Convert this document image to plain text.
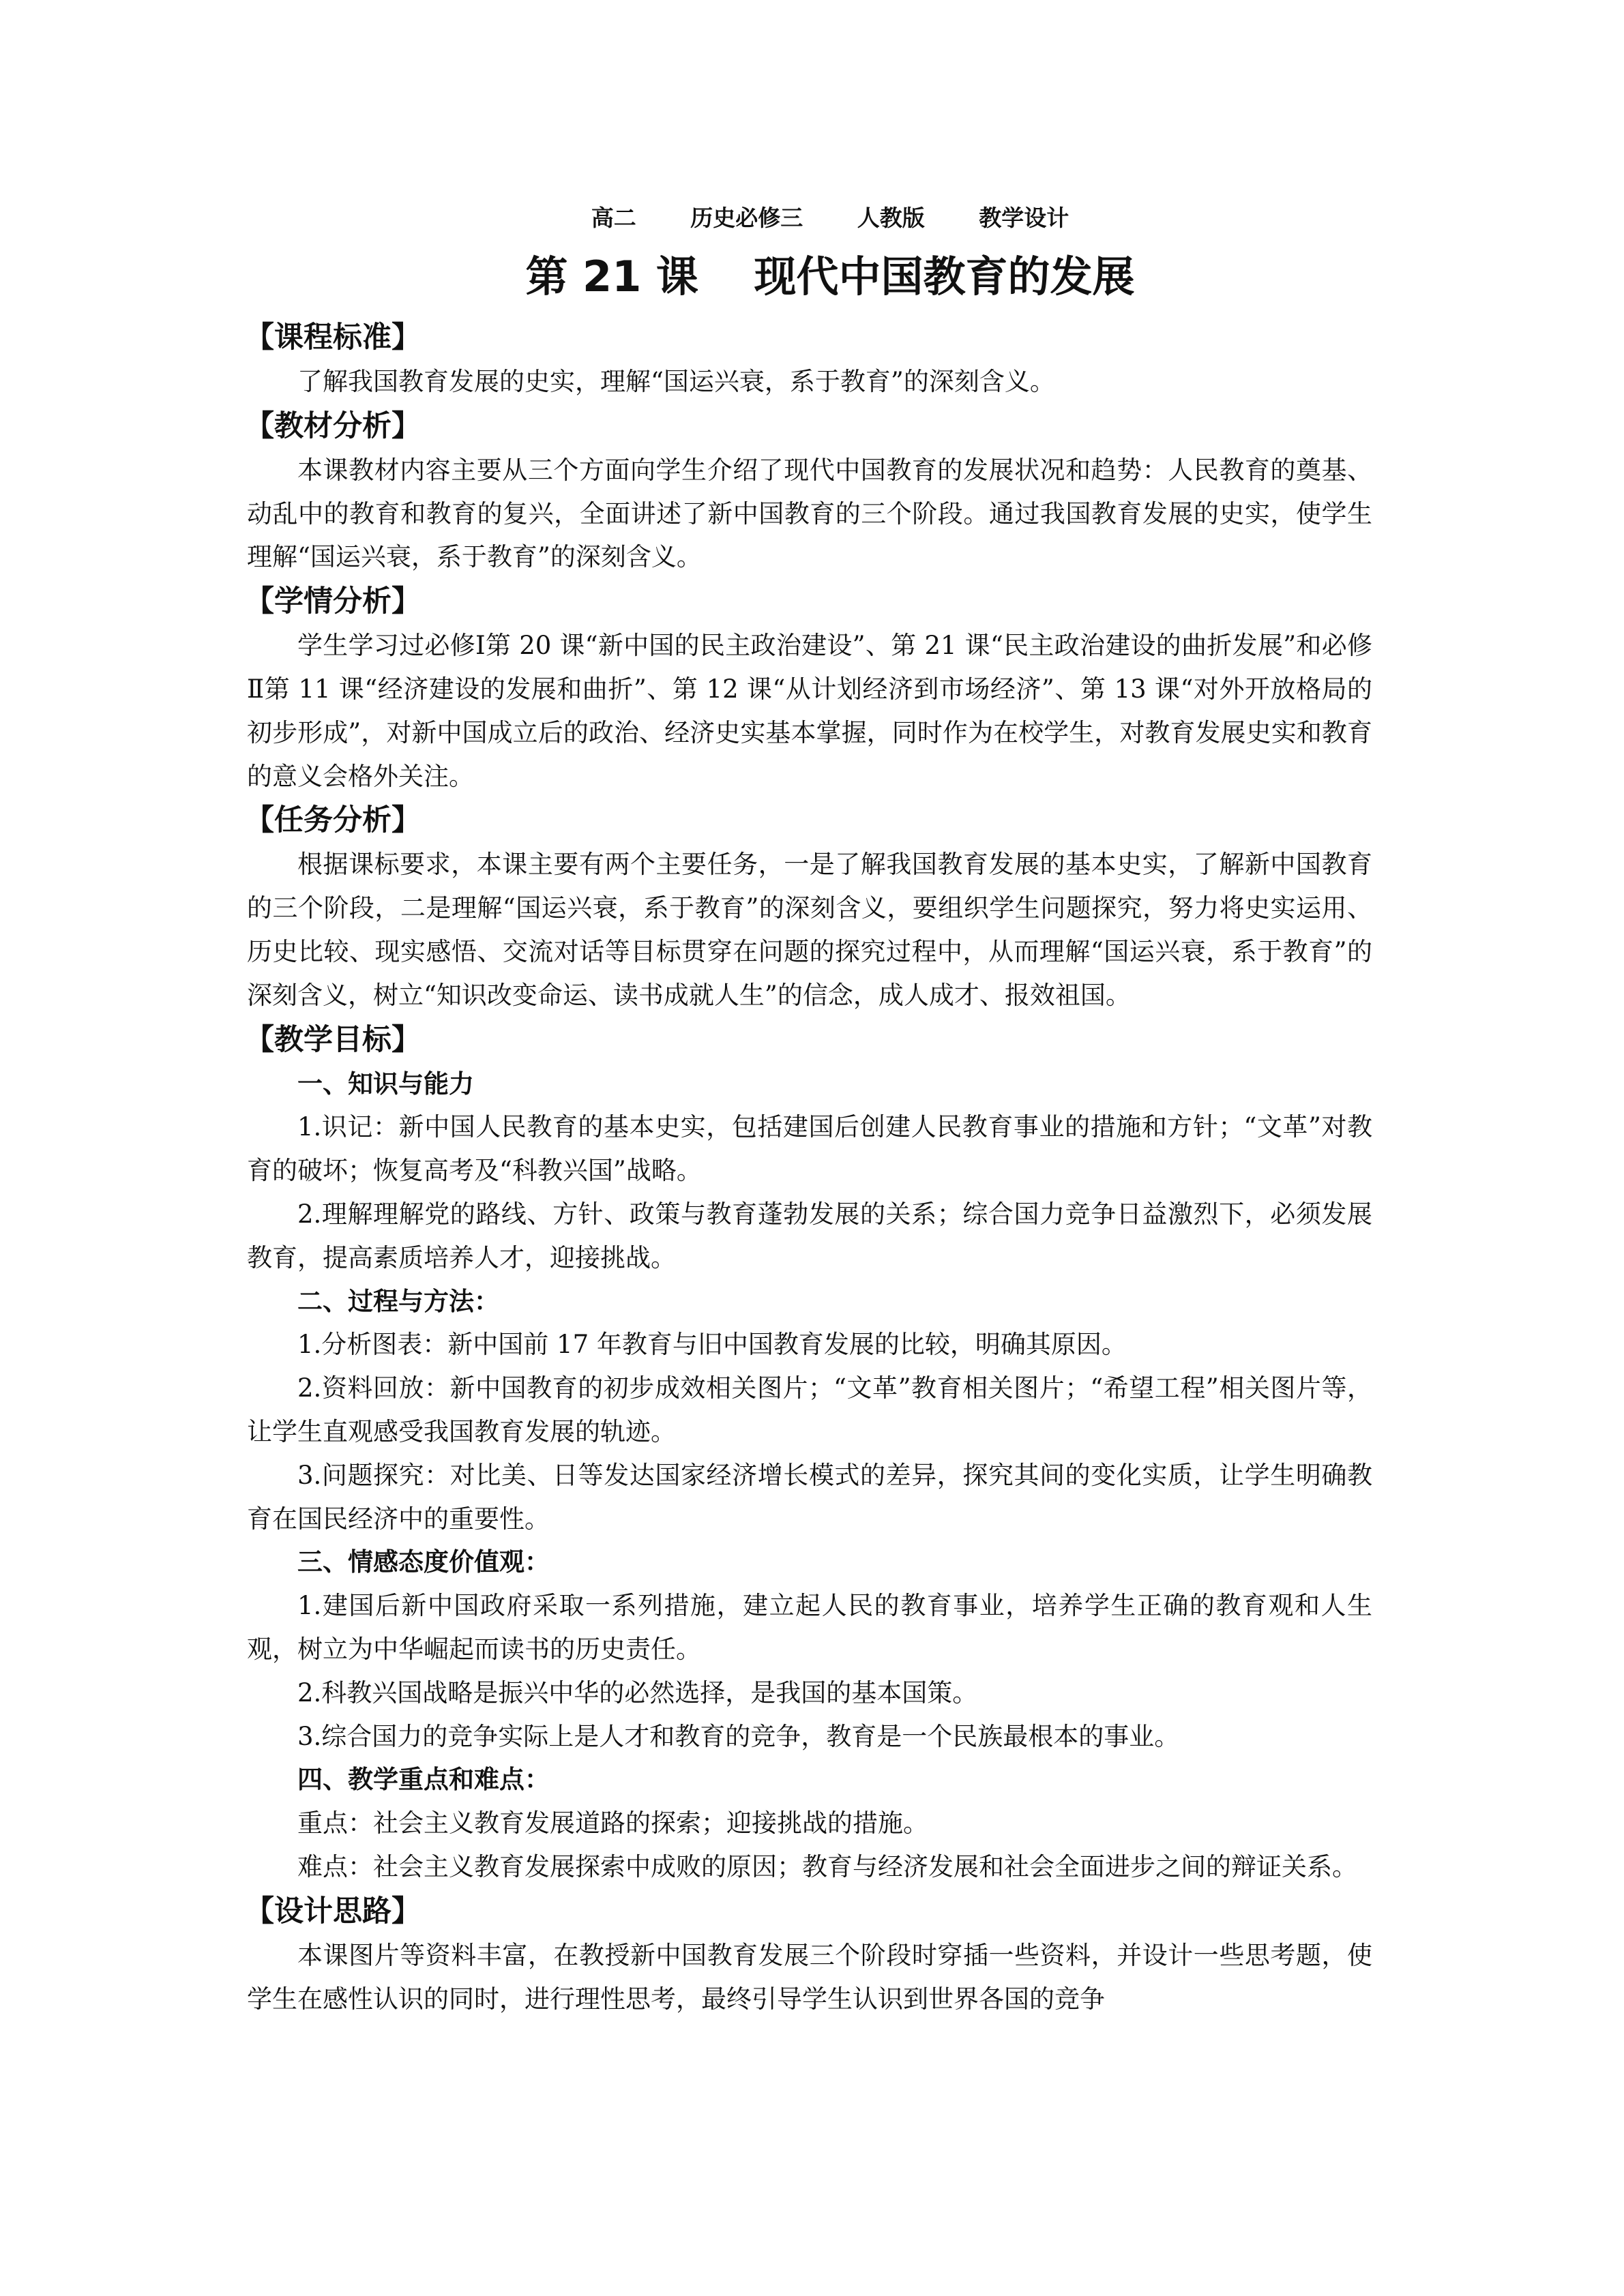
高二 历史必修三 人教版 教学设计
第 21 课 现代中国教育的发展
【课程标准】

了解我国教育发展的史实，理解“国运兴衰，系于教育”的深刻含义。

【教材分析】

本课教材内容主要从三个方面向学生介绍了现代中国教育的发展状况和趋势：人民教育的奠基、动乱中的教育和教育的复兴，全面讲述了新中国教育的三个阶段。通过我国教育发展的史实，使学生理解“国运兴衰，系于教育”的深刻含义。

【学情分析】

学生学习过必修Ⅰ第 20 课“新中国的民主政治建设”、第 21 课“民主政治建设的曲折发展”和必修Ⅱ第 11 课“经济建设的发展和曲折”、第 12 课“从计划经济到市场经济”、第 13 课“对外开放格局的初步形成”，对新中国成立后的政治、经济史实基本掌握，同时作为在校学生，对教育发展史实和教育的意义会格外关注。

【任务分析】

根据课标要求，本课主要有两个主要任务，一是了解我国教育发展的基本史实，了解新中国教育的三个阶段，二是理解“国运兴衰，系于教育”的深刻含义，要组织学生问题探究，努力将史实运用、历史比较、现实感悟、交流对话等目标贯穿在问题的探究过程中，从而理解“国运兴衰，系于教育”的深刻含义，树立“知识改变命运、读书成就人生”的信念，成人成才、报效祖国。

【教学目标】

一、知识与能力

1.识记：新中国人民教育的基本史实，包括建国后创建人民教育事业的措施和方针；“文革”对教育的破坏；恢复高考及“科教兴国”战略。

2.理解理解党的路线、方针、政策与教育蓬勃发展的关系；综合国力竞争日益激烈下，必须发展教育，提高素质培养人才，迎接挑战。

二、过程与方法：

1.分析图表：新中国前 17 年教育与旧中国教育发展的比较，明确其原因。

2.资料回放：新中国教育的初步成效相关图片；“文革”教育相关图片；“希望工程”相关图片等，让学生直观感受我国教育发展的轨迹。

3.问题探究：对比美、日等发达国家经济增长模式的差异，探究其间的变化实质，让学生明确教育在国民经济中的重要性。

三、情感态度价值观：

1.建国后新中国政府采取一系列措施，建立起人民的教育事业，培养学生正确的教育观和人生观，树立为中华崛起而读书的历史责任。

2.科教兴国战略是振兴中华的必然选择，是我国的基本国策。

3.综合国力的竞争实际上是人才和教育的竞争，教育是一个民族最根本的事业。

四、教学重点和难点：

重点：社会主义教育发展道路的探索；迎接挑战的措施。

难点：社会主义教育发展探索中成败的原因；教育与经济发展和社会全面进步之间的辩证关系。

【设计思路】

本课图片等资料丰富，在教授新中国教育发展三个阶段时穿插一些资料，并设计一些思考题，使学生在感性认识的同时，进行理性思考，最终引导学生认识到世界各国的竞争
